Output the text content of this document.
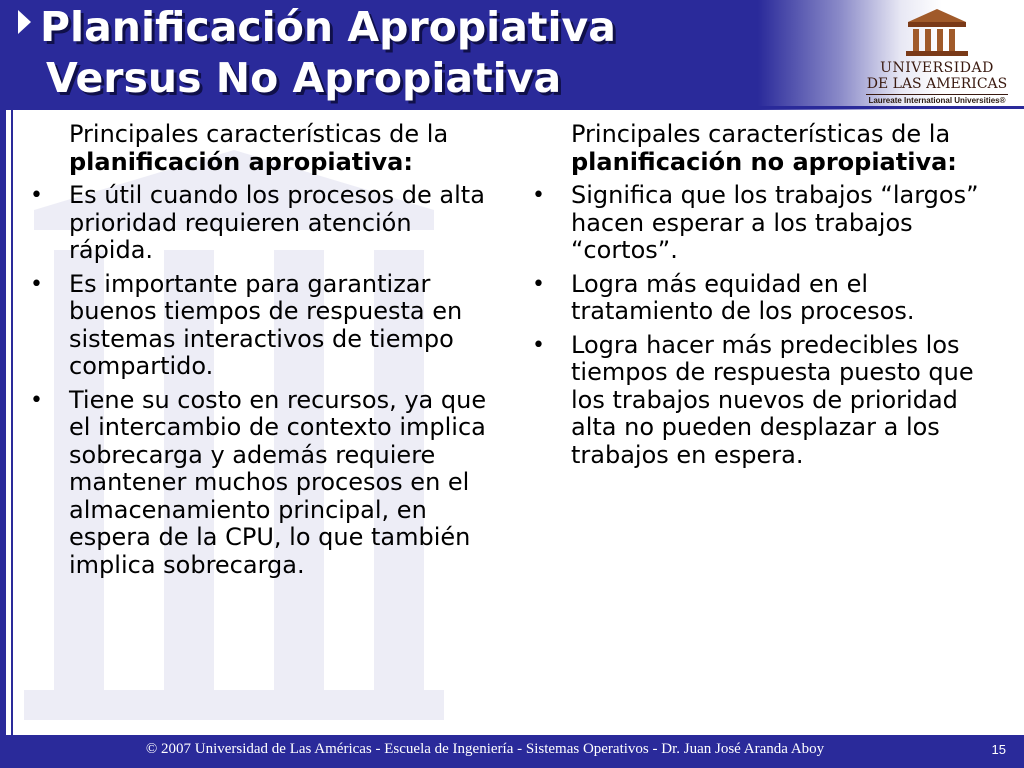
Planificación Apropiativa
Versus No Apropiativa	UNIVERSIDAD
DE LAS AMERICAS
Laureate International Universities®

Principales características de la planificación apropiativa:

• Es útil cuando los procesos de alta prioridad requieren atención rápida.
• Es importante para garantizar buenos tiempos de respuesta en sistemas interactivos de tiempo compartido.
• Tiene su costo en recursos, ya que el intercambio de contexto implica sobrecarga y además requiere mantener muchos procesos en el almacenamiento principal, en espera de la CPU, lo que también implica sobrecarga.

Principales características de la planificación no apropiativa:

• Significa que los trabajos “largos” hacen esperar a los trabajos “cortos”.
• Logra más equidad en el tratamiento de los procesos.
• Logra hacer más predecibles los tiempos de respuesta puesto que los trabajos nuevos de prioridad alta no pueden desplazar a los trabajos en espera.
© 2007 Universidad de Las Américas - Escuela de Ingeniería - Sistemas Operativos - Dr. Juan José Aranda Aboy	15
